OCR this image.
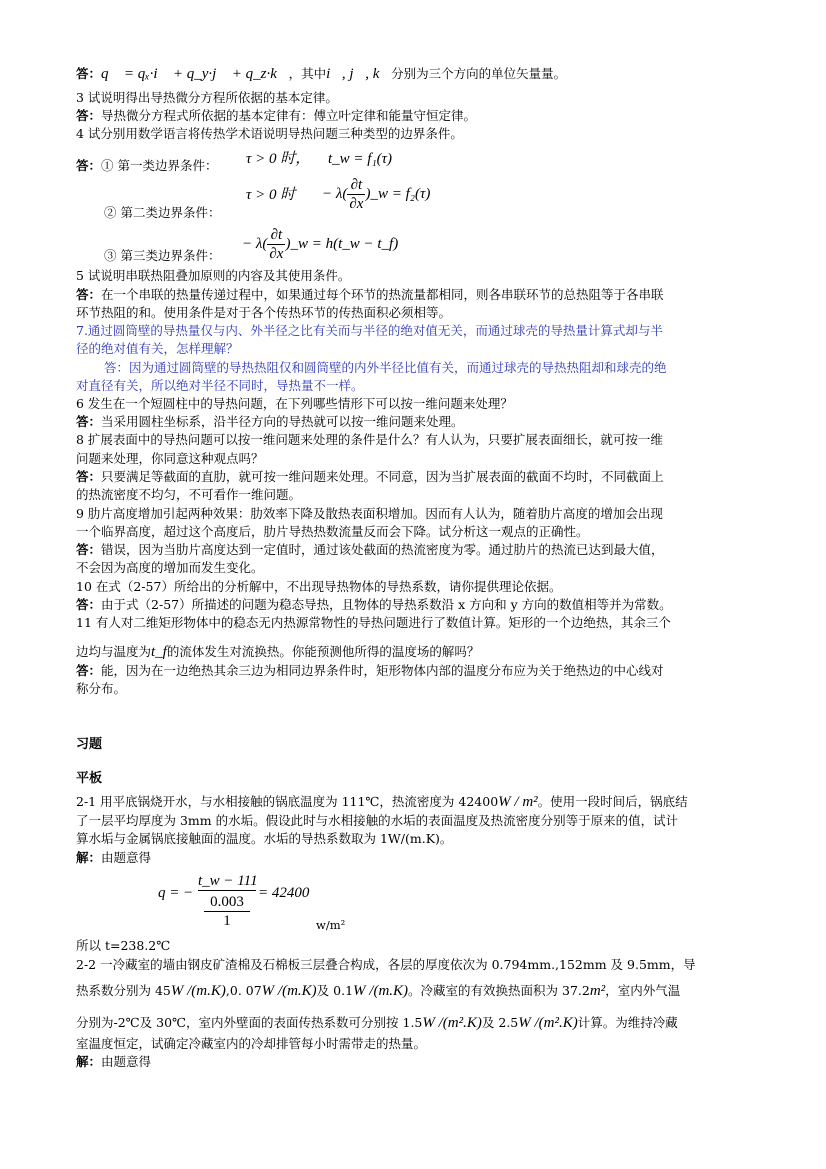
答：q⃗ = qₓ·i⃗ + q_y·j⃗ + q_z·k⃗，其中i⃗, j⃗, k⃗分别为三个方向的单位矢量量。
3 试说明得出导热微分方程所依据的基本定律。
答：导热微分方程式所依据的基本定律有：傅立叶定律和能量守恒定律。
4 试分别用数学语言将传热学术语说明导热问题三种类型的边界条件。
答：① 第一类边界条件： τ > 0 时， t_w = f₁(τ)
② 第二类边界条件：
τ > 0 时 − $\lambda( \frac{\partial t}{\partial x}$ )_w = f₂(τ)
③ 第三类边界条件：
− $\lambda( \frac{\partial t}{\partial x}$ )_w = h(t_w − t_f)
5 试说明串联热阻叠加原则的内容及其使用条件。
答：在一个串联的热量传递过程中，如果通过每个环节的热流量都相同，则各串联环节的总热阻等于各串联
环节热阻的和。使用条件是对于各个传热环节的传热面积必须相等。
7.通过圆筒壁的导热量仅与内、外半径之比有关而与半径的绝对值无关，而通过球壳的导热量计算式却与半
径的绝对值有关，怎样理解？
答：因为通过圆筒壁的导热热阻仅和圆筒壁的内外半径比值有关，而通过球壳的导热热阻却和球壳的绝
对直径有关，所以绝对半径不同时，导热量不一样。
6 发生在一个短圆柱中的导热问题，在下列哪些情形下可以按一维问题来处理？
答：当采用圆柱坐标系，沿半径方向的导热就可以按一维问题来处理。
8 扩展表面中的导热问题可以按一维问题来处理的条件是什么？有人认为，只要扩展表面细长，就可按一维
问题来处理，你同意这种观点吗？
答：只要满足等截面的直肋，就可按一维问题来处理。不同意，因为当扩展表面的截面不均时，不同截面上
的热流密度不均匀，不可看作一维问题。
9 肋片高度增加引起两种效果：肋效率下降及散热表面积增加。因而有人认为，随着肋片高度的增加会出现
一个临界高度，超过这个高度后，肋片导热热数流量反而会下降。试分析这一观点的正确性。
答：错误，因为当肋片高度达到一定值时，通过该处截面的热流密度为零。通过肋片的热流已达到最大值，
不会因为高度的增加而发生变化。
10 在式（2-57）所给出的分析解中，不出现导热物体的导热系数，请你提供理论依据。
答：由于式（2-57）所描述的问题为稳态导热，且物体的导热系数沿 x 方向和 y 方向的数值相等并为常数。
11 有人对二维矩形物体中的稳态无内热源常物性的导热问题进行了数值计算。矩形的一个边绝热，其余三个
边均与温度为t_f的流体发生对流换热。你能预测他所得的温度场的解吗？
答：能，因为在一边绝热其余三边为相同边界条件时，矩形物体内部的温度分布应为关于绝热边的中心线对
称分布。
习题
平板
2-1 用平底锅烧开水，与水相接触的锅底温度为 111℃，热流密度为 42400W / m²。使用一段时间后，锅底结
了一层平均厚度为 3mm 的水垢。假设此时与水相接触的水垢的表面温度及热流密度分别等于原来的值，试计
算水垢与金属锅底接触面的温度。水垢的导热系数取为 1W/(m.K)。
解：由题意得
q = −
t_w − 111
0.003
1
= 42400
w/m²
所以 t=238.2℃
2-2 一冷藏室的墙由钢皮矿渣棉及石棉板三层叠合构成，各层的厚度依次为 0.794mm.,152mm 及 9.5mm，导
热系数分别为 45W /(m.K),0. 07W /(m.K)及 0.1W /(m.K)。冷藏室的有效换热面积为 37.2m²，室内外气温
分别为-2℃及 30℃，室内外壁面的表面传热系数可分别按 1.5W /(m².K)及 2.5W /(m².K)计算。为维持冷藏
室温度恒定，试确定冷藏室内的冷却排管每小时需带走的热量。
解：由题意得
